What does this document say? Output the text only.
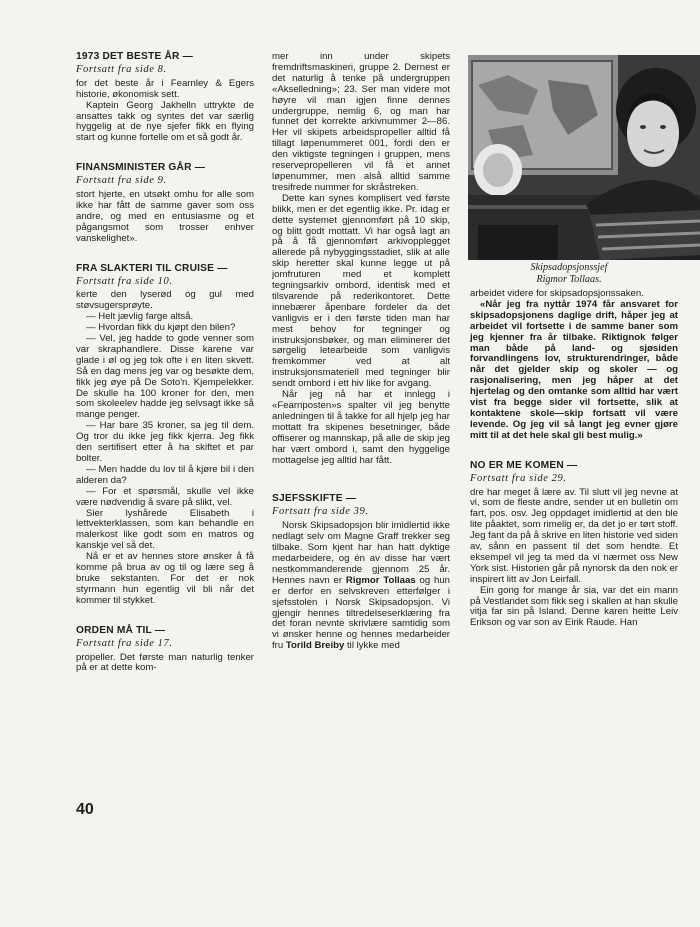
1973 DET BESTE ÅR —

Fortsatt fra side 8.

for det beste år i Fearnley & Egers historie, økonomisk sett.

Kaptein Georg Jakhelln uttrykte de ansattes takk og syntes det var særlig hyggelig at de nye sjefer fikk en flying start og kunne fortelle om et så godt år.

FINANSMINISTER GÅR —

Fortsatt fra side 9.

stort hjerte, en utsøkt omhu for alle som ikke har fått de samme gaver som oss andre, og med en entusiasme og et pågangsmot som trosser enhver vanskelighet».

FRA SLAKTERI TIL CRUISE —

Fortsatt fra side 10.

kerte den lyserød og gul med støvsugersprøyte.

— Helt jævlig farge altså.

— Hvordan fikk du kjøpt den bilen?

— Vel, jeg hadde to gode venner som var skraphandlere. Disse karene var glade i øl og jeg tok ofte i en liten skvett. Så en dag mens jeg var og besøkte dem, fikk jeg øye på De Soto'n. Kjempelekker. De skulle ha 100 kroner for den, men som skoleelev hadde jeg selvsagt ikke så mange penger.

— Har bare 35 kroner, sa jeg til dem. Og tror du ikke jeg fikk kjerra. Jeg fikk den sertifisert etter å ha skiftet et par bolter.

— Men hadde du lov til å kjøre bil i den alderen da?

— For et spørsmål, skulle vel ikke være nødvendig å svare på slikt, vel.

Sier lyshårede Elisabeth i lettvekterklassen, som kan behandle en malerkost like godt som en matros og kanskje vel så det.

Nå er et av hennes store ønsker å få komme på brua av og til og lære seg å bruke sekstanten. For det er nok styrmann hun egentlig vil bli når det kommer til stykket.

ORDEN MÅ TIL —

Fortsatt fra side 17.

propeller. Det første man naturlig tenker på er at dette kom-

mer inn under skipets fremdriftsmaskineri, gruppe 2. Dernest er det naturlig å tenke på undergruppen «Akselledning»; 23. Ser man videre mot høyre vil man igjen finne dennes undergruppe, nemlig 6, og man har funnet det korrekte arkivnummer 2—86. Her vil skipets arbeidspropeller alltid få tillagt løpenummeret 001, fordi den er den viktigste tegningen i gruppen, mens reservepropelleren vil få et annet løpenummer, men alså alltid samme tresifrede nummer for skråstreken.

Dette kan synes komplisert ved første blikk, men er det egentlig ikke. Pr. idag er dette systemet gjennomført på 10 skip, og blitt godt mottatt. Vi har også lagt an på å få gjennomført arkivopplegget allerede på nybyggingsstadiet, slik at alle skip heretter skal kunne legge ut på jomfruturen med et komplett tegningsarkiv ombord, identisk med et tilsvarende på rederikontoret. Dette innebærer åpenbare fordeler da det vanligvis er i den første tiden man har mest behov for tegninger og instruksjonsbøker, og man eliminerer det sørgelig letearbeide som vanligvis fremkommer ved at alt instruksjonsmateriell med tegninger blir sendt ombord i ett hiv like for avgang.

Når jeg nå har et innlegg i «Fearnposten»s spalter vil jeg benytte anledningen til å takke for all hjelp jeg har mottatt fra skipenes besetninger, både offiserer og mannskap, på alle de skip jeg har vært ombord i, samt den hyggelige mottagelse jeg alltid har fått.

SJEFSSKIFTE —

Fortsatt fra side 39.

Norsk Skipsadopsjon blir imidlertid ikke nedlagt selv om Magne Graff trekker seg tilbake. Som kjent har han hatt dyktige medarbeidere, og én av disse har vært nestkommanderende gjennom 25 år. Hennes navn er Rigmor Tollaas og hun er derfor en selvskreven etterfølger i sjefsstolen i Norsk Skipsadopsjon. Vi gjengir hennes tiltredelseserklæring fra det foran nevnte skrivlære samtidig som vi ønsker henne og hennes medarbeider fru Torild Breiby til lykke med

Skipsadopsjonssjef
Rigmor Tollaas.

arbeidet videre for skipsadopsjonssaken.

«Når jeg fra nyttår 1974 får ansvaret for skipsadopsjonens daglige drift, håper jeg at arbeidet vil fortsette i de samme baner som jeg kjenner fra år tilbake. Riktignok følger man både på land- og sjøsiden forvandlingens lov, strukturendringer, både når det gjelder skip og skoler — og rasjonalisering, men jeg håper at det hjertelag og den omtanke som alltid har vært vist fra begge sider vil fortsette, slik at kontaktene skole—skip fortsatt vil være levende. Og jeg vil så langt jeg evner gjøre mitt til at det hele skal gli best mulig.»

NO ER ME KOMEN —

Fortsatt fra side 29.

dre har meget å lære av. Til slutt vil jeg nevne at vi, som de fleste andre, sender ut en bulletin om fart, pos. osv. Jeg oppdaget imidlertid at den ble lite påaktet, som rimelig er, da det jo er tørt stoff. Jeg fant da på å skrive en liten historie ved siden av, sånn en passent til det som hendte. Et eksempel vil jeg ta med da vi nærmet oss New York sist. Historien går på nynorsk da den nok er inspirert litt av Jon Leirfall.

Ein gong for mange år sia, var det ein mann på Vestlandet som fikk seg i skallen at han skulle vitja far sin på Island. Denne karen heitte Leiv Erikson og var son av Eirik Raude. Han

40
